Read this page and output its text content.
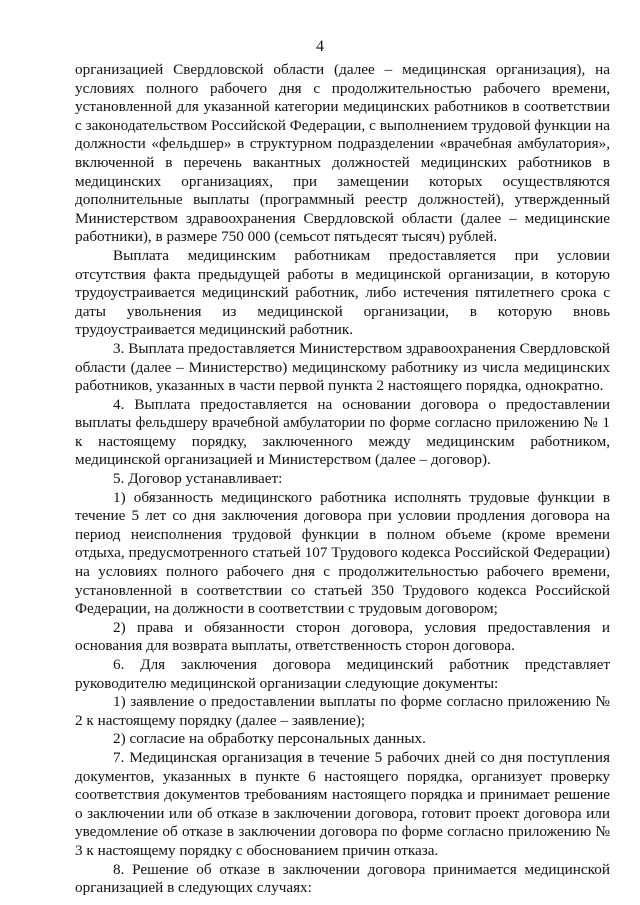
4

организацией Свердловской области (далее – медицинская организация), на условиях полного рабочего дня с продолжительностью рабочего времени, установленной для указанной категории медицинских работников в соответствии с законодательством Российской Федерации, с выполнением трудовой функции на должности «фельдшер» в структурном подразделении «врачебная амбулатория», включенной в перечень вакантных должностей медицинских работников в медицинских организациях, при замещении которых осуществляются дополнительные выплаты (программный реестр должностей), утвержденный Министерством здравоохранения Свердловской области (далее – медицинские работники), в размере 750 000 (семьсот пятьдесят тысяч) рублей.

Выплата медицинским работникам предоставляется при условии отсутствия факта предыдущей работы в медицинской организации, в которую трудоустраивается медицинский работник, либо истечения пятилетнего срока с даты увольнения из медицинской организации, в которую вновь трудоустраивается медицинский работник.

3. Выплата предоставляется Министерством здравоохранения Свердловской области (далее – Министерство) медицинскому работнику из числа медицинских работников, указанных в части первой пункта 2 настоящего порядка, однократно.

4. Выплата предоставляется на основании договора о предоставлении выплаты фельдшеру врачебной амбулатории по форме согласно приложению № 1 к настоящему порядку, заключенного между медицинским работником, медицинской организацией и Министерством (далее – договор).

5. Договор устанавливает:

1) обязанность медицинского работника исполнять трудовые функции в течение 5 лет со дня заключения договора при условии продления договора на период неисполнения трудовой функции в полном объеме (кроме времени отдыха, предусмотренного статьей 107 Трудового кодекса Российской Федерации) на условиях полного рабочего дня с продолжительностью рабочего времени, установленной в соответствии со статьей 350 Трудового кодекса Российской Федерации, на должности в соответствии с трудовым договором;

2) права и обязанности сторон договора, условия предоставления и основания для возврата выплаты, ответственность сторон договора.

6. Для заключения договора медицинский работник представляет руководителю медицинской организации следующие документы:

1) заявление о предоставлении выплаты по форме согласно приложению № 2 к настоящему порядку (далее – заявление);

2) согласие на обработку персональных данных.

7. Медицинская организация в течение 5 рабочих дней со дня поступления документов, указанных в пункте 6 настоящего порядка, организует проверку соответствия документов требованиям настоящего порядка и принимает решение о заключении или об отказе в заключении договора, готовит проект договора или уведомление об отказе в заключении договора по форме согласно приложению № 3 к настоящему порядку с обоснованием причин отказа.

8. Решение об отказе в заключении договора принимается медицинской организацией в следующих случаях:
